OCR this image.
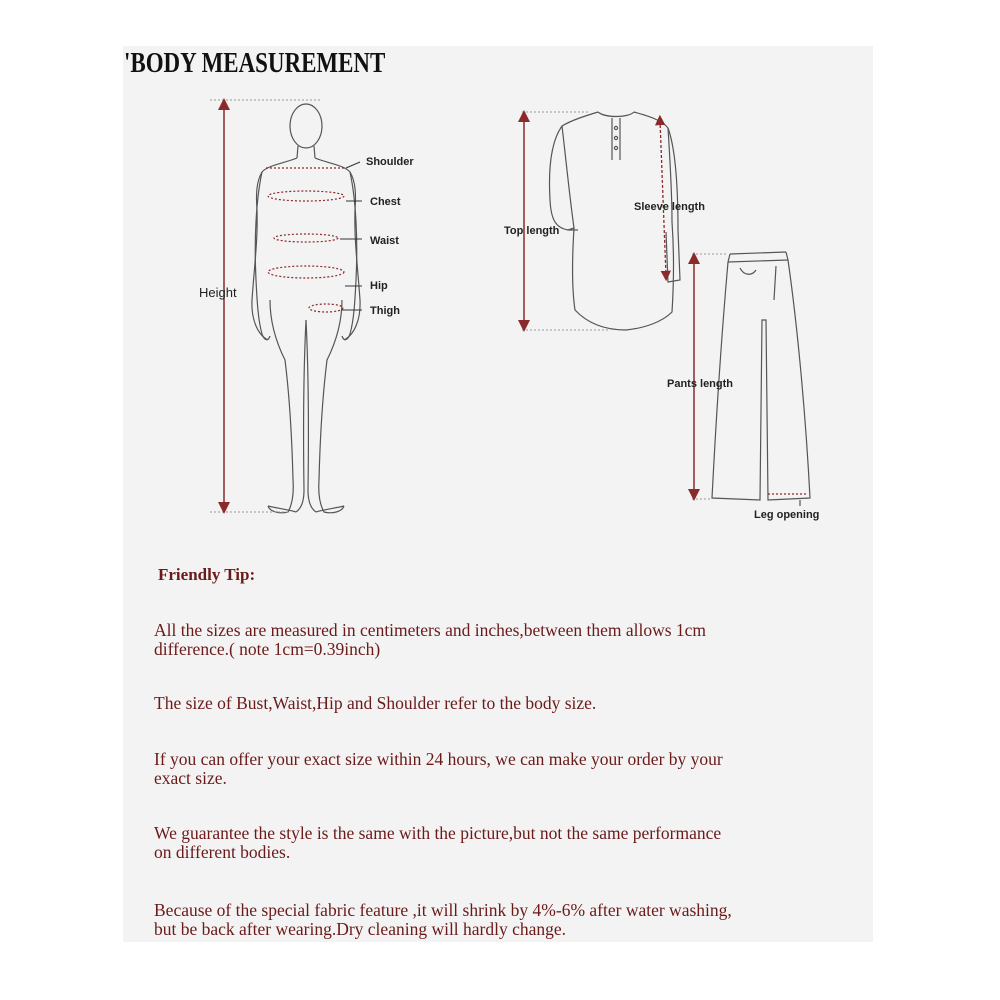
'BODY MEASUREMENT
Shoulder
Chest
Waist
Hip
Thigh
Height
Top length
Sleeve length
Leg opening
Pants length
Friendly Tip:
All the sizes are measured in centimeters and inches,between them allows 1cm
difference.( note 1cm=0.39inch)
The size of Bust,Waist,Hip and Shoulder refer to the body size.
If you can offer your exact size within 24 hours, we can make your order by your
exact size.
We guarantee the style is the same with the picture,but not the same performance
on different bodies.
Because of the special fabric feature ,it will shrink by 4%-6% after water washing,
but be back after wearing.Dry cleaning will hardly change.
